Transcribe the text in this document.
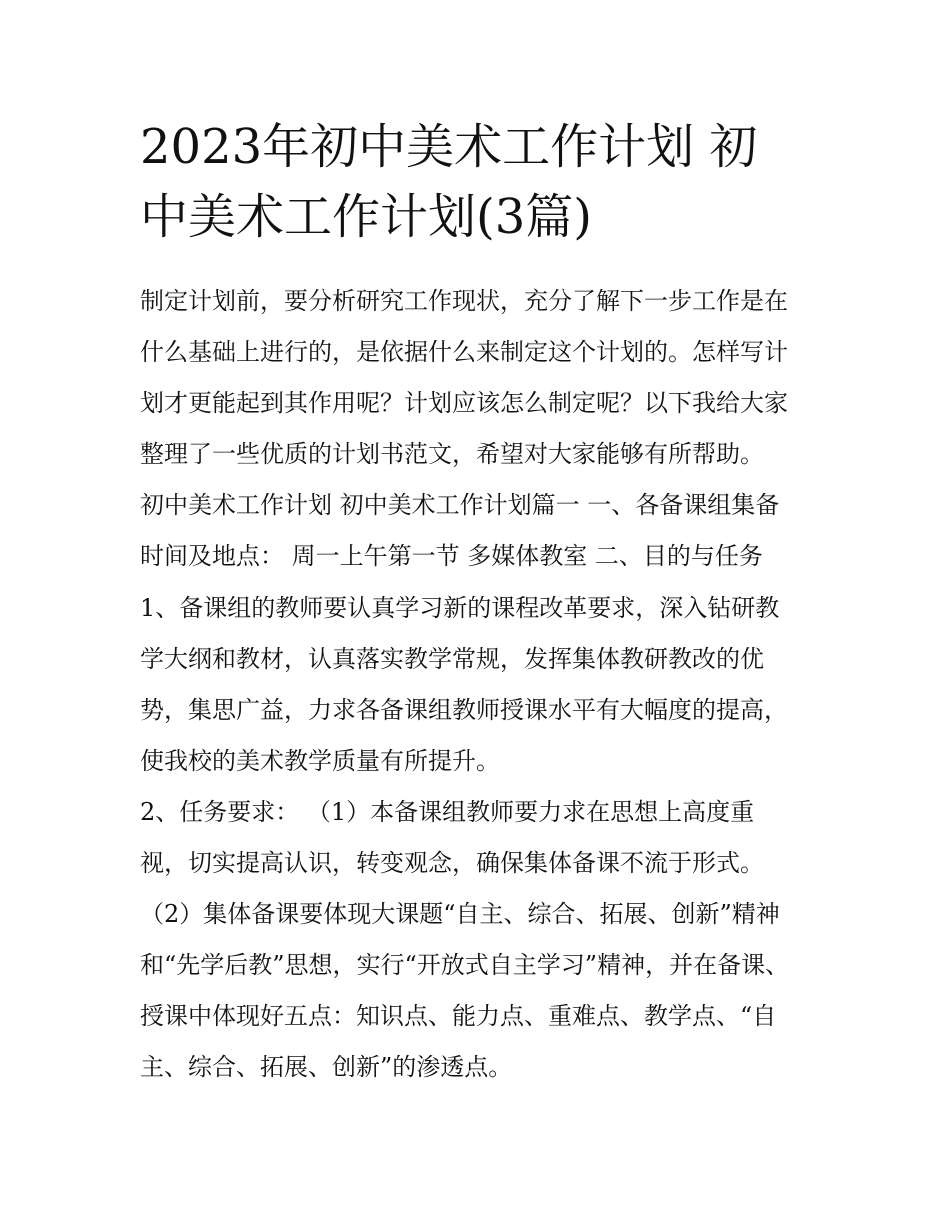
2023年初中美术工作计划 初
中美术工作计划(3篇)
制定计划前，要分析研究工作现状，充分了解下一步工作是在
什么基础上进行的，是依据什么来制定这个计划的。怎样写计
划才更能起到其作用呢？计划应该怎么制定呢？以下我给大家
整理了一些优质的计划书范文，希望对大家能够有所帮助。
初中美术工作计划 初中美术工作计划篇一 一、各备课组集备
时间及地点： 周一上午第一节 多媒体教室 二、目的与任务
1、备课组的教师要认真学习新的课程改革要求，深入钻研教
学大纲和教材，认真落实教学常规，发挥集体教研教改的优
势，集思广益，力求各备课组教师授课水平有大幅度的提高，
使我校的美术教学质量有所提升。
2、任务要求： （1）本备课组教师要力求在思想上高度重
视，切实提高认识，转变观念，确保集体备课不流于形式。
（2）集体备课要体现大课题“自主、综合、拓展、创新”精神
和“先学后教”思想，实行“开放式自主学习”精神，并在备课、
授课中体现好五点：知识点、能力点、重难点、教学点、“自
主、综合、拓展、创新”的渗透点。
